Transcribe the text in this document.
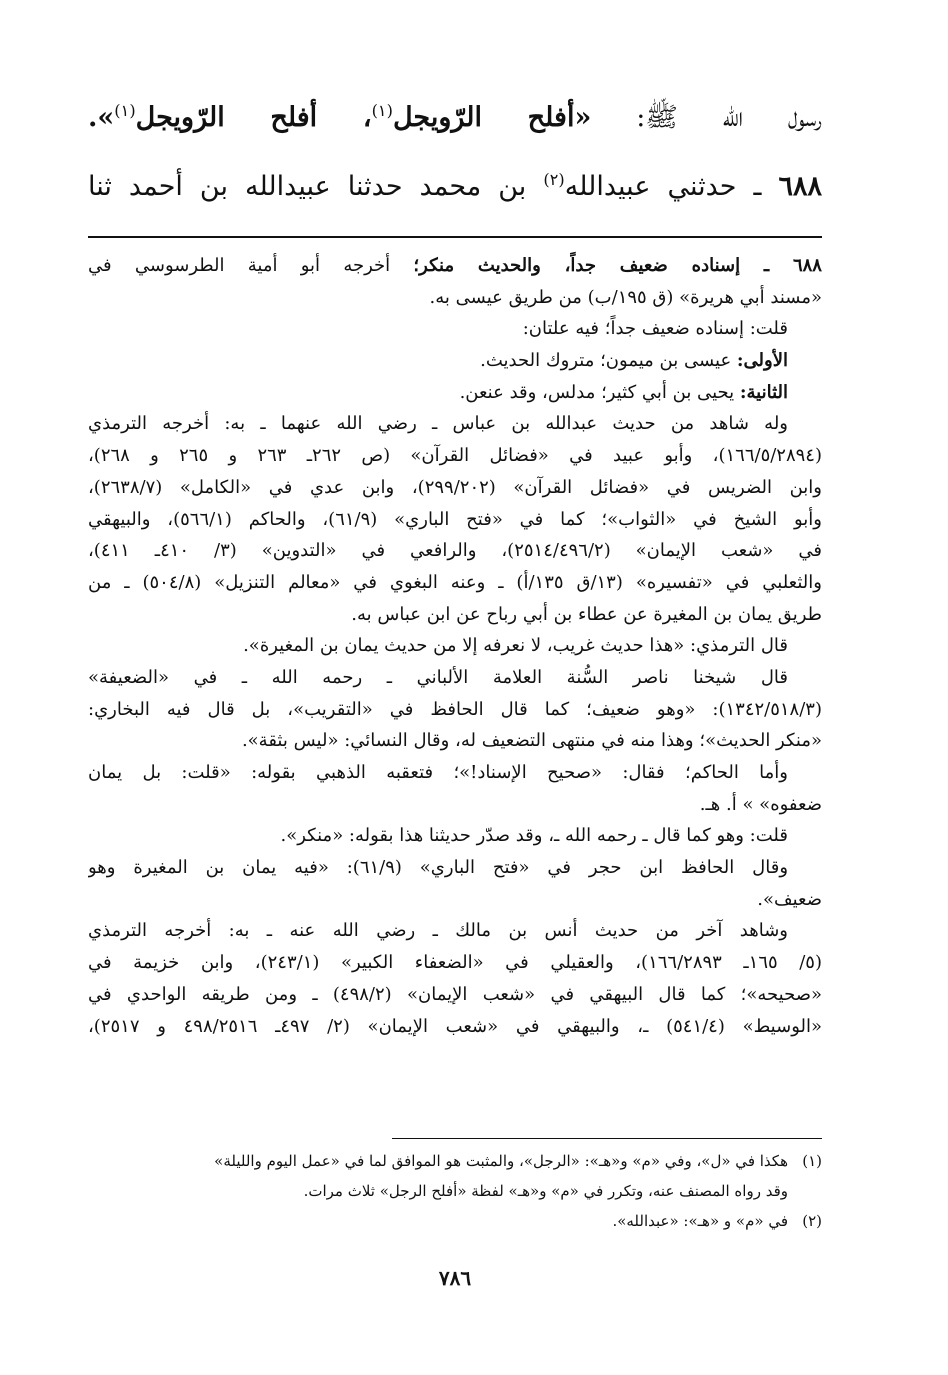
رسول الله ﷺ: «أفلح الرّويجل$^{(١)}$، أفلح الرّويجل$^{(١)}$».
٦٨٨ ـ حدثني عبيدالله$^{(٢)}$ بن محمد حدثنا عبيدالله بن أحمد ثنا
٦٨٨ ـ إسناده ضعيف جداً، والحديث منكر؛ أخرجه أبو أمية الطرسوسي في
«مسند أبي هريرة» (ق ١٩٥/ب) من طريق عيسى به.
قلت: إسناده ضعيف جداً؛ فيه علتان:
الأولى: عيسى بن ميمون؛ متروك الحديث.
الثانية: يحيى بن أبي كثير؛ مدلس، وقد عنعن.
وله شاهد من حديث عبدالله بن عباس ـ رضي الله عنهما ـ به: أخرجه الترمذي
(١٦٦/٥/٢٨٩٤)، وأبو عبيد في «فضائل القرآن» (ص ٢٦٢ـ ٢٦٣ و ٢٦٥ و ٢٦٨)،
وابن الضريس في «فضائل القرآن» (٢٩٩/٢٠٢)، وابن عدي في «الكامل» (٢٦٣٨/٧)،
وأبو الشيخ في «الثواب»؛ كما في «فتح الباري» (٦١/٩)، والحاكم (٥٦٦/١)، والبيهقي
في «شعب الإيمان» (٢٥١٤/٤٩٦/٢)، والرافعي في «التدوين» (٣/ ٤١٠ـ ٤١١)،
والثعلبي في «تفسيره» (١٣/ق ١٣٥/أ) ـ وعنه البغوي في «معالم التنزيل» (٥٠٤/٨) ـ من
طريق يمان بن المغيرة عن عطاء بن أبي رباح عن ابن عباس به.
قال الترمذي: «هذا حديث غريب، لا نعرفه إلا من حديث يمان بن المغيرة».
قال شيخنا ناصر السُّنة العلامة الألباني ـ رحمه الله ـ في «الضعيفة»
(١٣٤٢/٥١٨/٣): «وهو ضعيف؛ كما قال الحافظ في «التقريب»، بل قال فيه البخاري:
«منكر الحديث»؛ وهذا منه في منتهى التضعيف له، وقال النسائي: «ليس بثقة».
وأما الحاكم؛ فقال: «صحيح الإسناد!»؛ فتعقبه الذهبي بقوله: «قلت: بل يمان
ضعفوه» » أ. هـ.
قلت: وهو كما قال ـ رحمه الله ـ، وقد صدّر حديثنا هذا بقوله: «منكر».
وقال الحافظ ابن حجر في «فتح الباري» (٦١/٩): «فيه يمان بن المغيرة وهو
ضعيف».
وشاهد آخر من حديث أنس بن مالك ـ رضي الله عنه ـ به: أخرجه الترمذي
(٥/ ١٦٥ـ ١٦٦/٢٨٩٣)، والعقيلي في «الضعفاء الكبير» (٢٤٣/١)، وابن خزيمة في
«صحيحه»؛ كما قال البيهقي في «شعب الإيمان» (٤٩٨/٢) ـ ومن طريقه الواحدي في
«الوسيط» (٥٤١/٤) ـ، والبيهقي في «شعب الإيمان» (٢/ ٤٩٧ـ ٤٩٨/٢٥١٦ و ٢٥١٧)،
(١)هكذا في «ل»، وفي «م» و«هـ»: «الرجل»، والمثبت هو الموافق لما في «عمل اليوم والليلة»
وقد رواه المصنف عنه، وتكرر في «م» و«هـ» لفظة «أفلح الرجل» ثلاث مرات.
(٢)في «م» و «هـ»: «عبدالله».
٧٨٦
